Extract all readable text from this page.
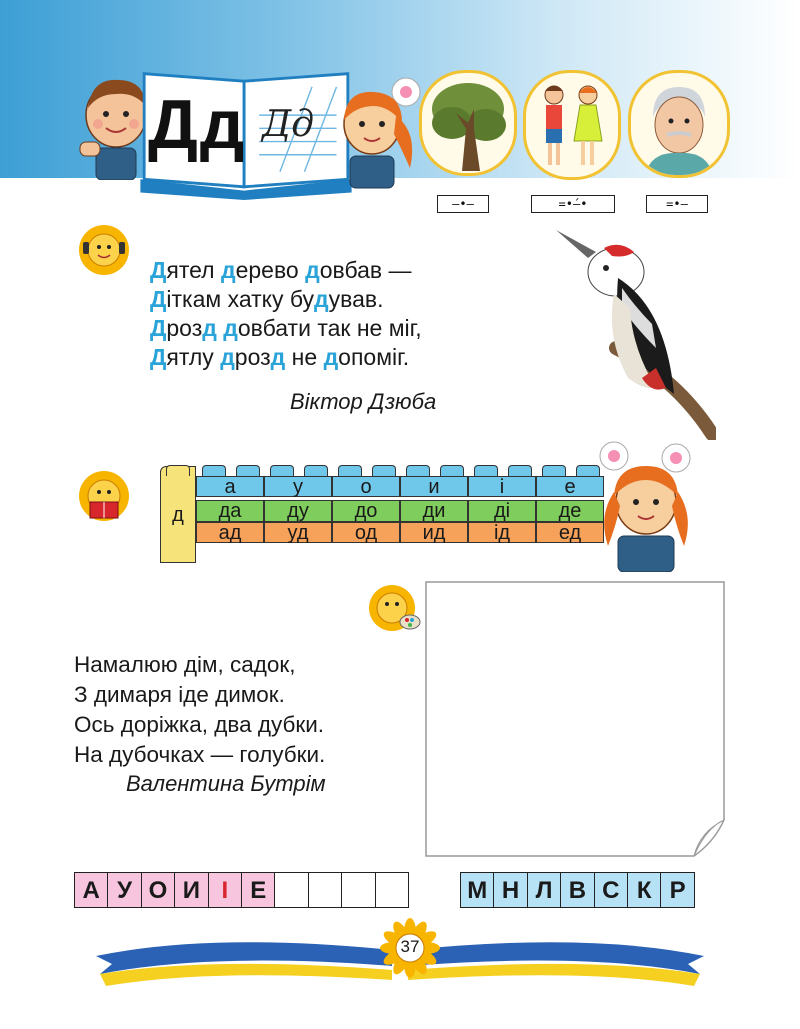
Дд Дд
–•–	=•́–•	=•–
Дятел дерево довбав —
Діткам хатку будував.
Дрозд довбати так не міг,
Дятлу дрозд не допоміг.
Віктор Дзюба
д
а	у	о	и	і	е
да	ду	до	ди	ді	де
ад	уд	од	ид	ід	ед
Намалюю дім, садок,
З димаря іде димок.
Ось доріжка, два дубки.
На дубочках — голубки.
Валентина Бутрім
А У О И І Е	М Н Л В С К Р
37
